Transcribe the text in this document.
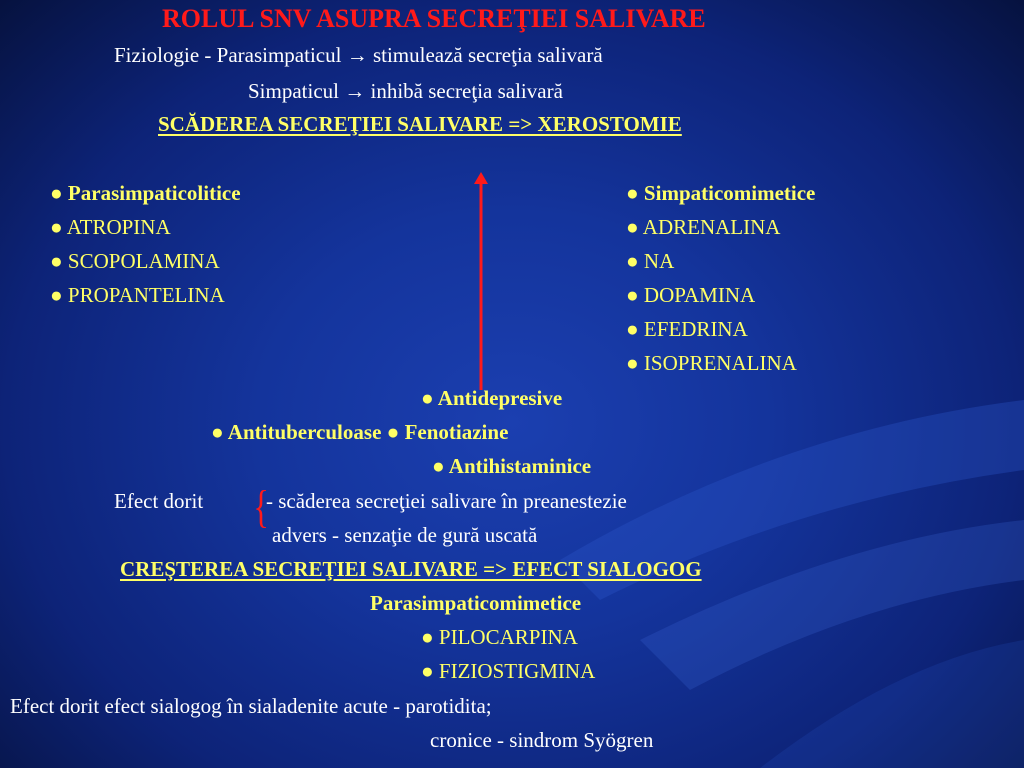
ROLUL SNV ASUPRA SECREŢIEI SALIVARE
Fiziologie - Parasimpaticul → stimulează secreţia salivară
Simpaticul → inhibă secreţia salivară
SCĂDEREA SECREŢIEI SALIVARE => XEROSTOMIE
● Parasimpaticolitice
● ATROPINA
● SCOPOLAMINA
● PROPANTELINA
● Simpaticomimetice
● ADRENALINA
● NA
● DOPAMINA
● EFEDRINA
● ISOPRENALINA
● Antidepresive
● Antituberculoase ● Fenotiazine
● Antihistaminice
Efect dorit {
- scăderea secreţiei salivare în preanestezie
advers - senzaţie de gură uscată
CREŞTEREA SECREŢIEI SALIVARE => EFECT SIALOGOG
Parasimpaticomimetice
● PILOCARPINA
● FIZIOSTIGMINA
Efect dorit efect sialogog în sialadenite acute - parotidita;
cronice - sindrom Syögren
